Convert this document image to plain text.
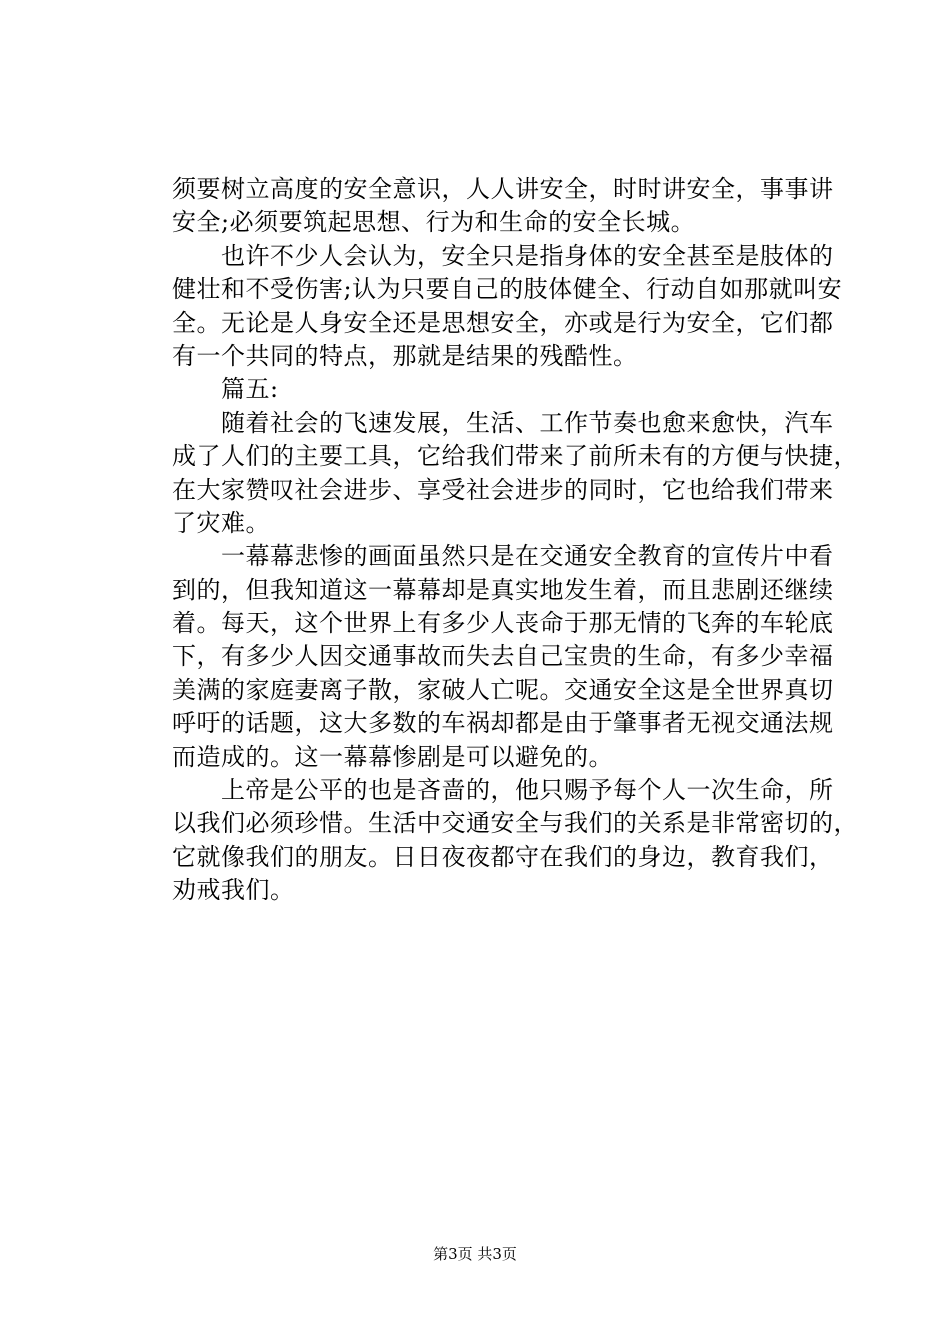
须要树立高度的安全意识，人人讲安全，时时讲安全，事事讲
安全;必须要筑起思想、行为和生命的安全长城。
　　也许不少人会认为，安全只是指身体的安全甚至是肢体的
健壮和不受伤害;认为只要自己的肢体健全、行动自如那就叫安
全。无论是人身安全还是思想安全，亦或是行为安全，它们都
有一个共同的特点，那就是结果的残酷性。
　　篇五:
　　随着社会的飞速发展，生活、工作节奏也愈来愈快，汽车
成了人们的主要工具，它给我们带来了前所未有的方便与快捷，
在大家赞叹社会进步、享受社会进步的同时，它也给我们带来
了灾难。
　　一幕幕悲惨的画面虽然只是在交通安全教育的宣传片中看
到的，但我知道这一幕幕却是真实地发生着，而且悲剧还继续
着。每天，这个世界上有多少人丧命于那无情的飞奔的车轮底
下，有多少人因交通事故而失去自己宝贵的生命，有多少幸福
美满的家庭妻离子散，家破人亡呢。交通安全这是全世界真切
呼吁的话题，这大多数的车祸却都是由于肇事者无视交通法规
而造成的。这一幕幕惨剧是可以避免的。
　　上帝是公平的也是吝啬的，他只赐予每个人一次生命，所
以我们必须珍惜。生活中交通安全与我们的关系是非常密切的，
它就像我们的朋友。日日夜夜都守在我们的身边，教育我们，
劝戒我们。
第3页 共3页
